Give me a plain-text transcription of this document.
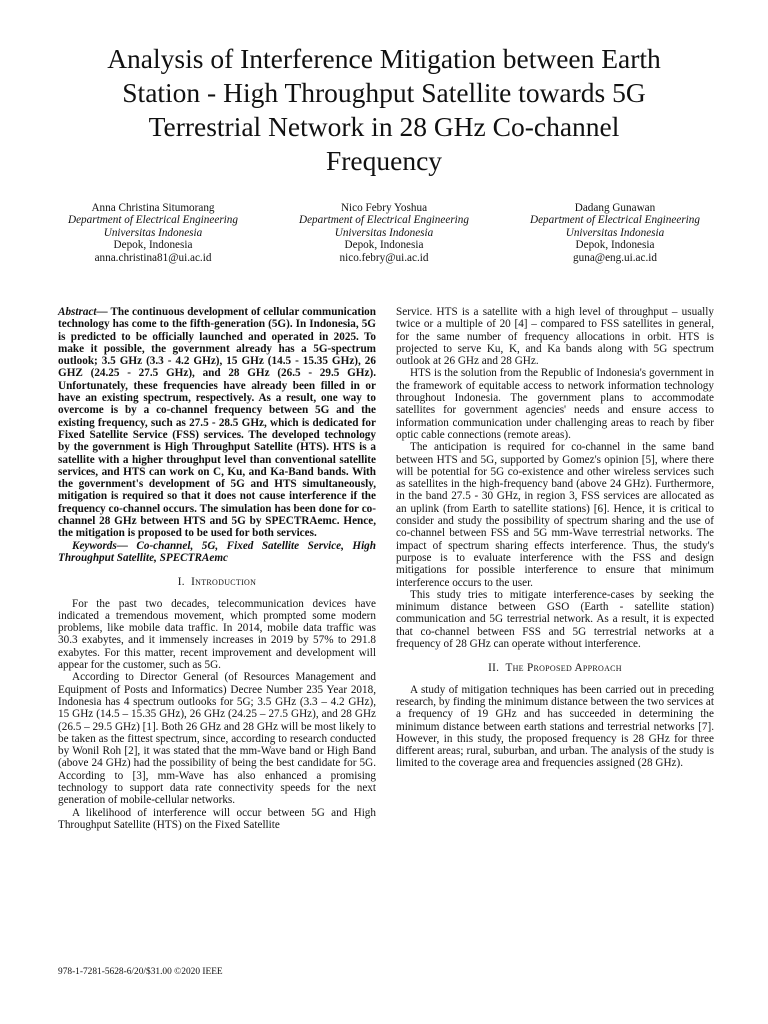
Analysis of Interference Mitigation between Earth
Station - High Throughput Satellite towards 5G
Terrestrial Network in 28 GHz Co-channel
Frequency
Anna Christina Situmorang
Department of Electrical Engineering
Universitas Indonesia
Depok, Indonesia
anna.christina81@ui.ac.id
Nico Febry Yoshua
Department of Electrical Engineering
Universitas Indonesia
Depok, Indonesia
nico.febry@ui.ac.id
Dadang Gunawan
Department of Electrical Engineering
Universitas Indonesia
Depok, Indonesia
guna@eng.ui.ac.id

Abstract— The continuous development of cellular communication technology has come to the fifth-generation (5G). In Indonesia, 5G is predicted to be officially launched and operated in 2025. To make it possible, the government already has a 5G-spectrum outlook; 3.5 GHz (3.3 - 4.2 GHz), 15 GHz (14.5 - 15.35 GHz), 26 GHZ (24.25 - 27.5 GHz), and 28 GHz (26.5 - 29.5 GHz). Unfortunately, these frequencies have already been filled in or have an existing spectrum, respectively. As a result, one way to overcome is by a co-channel frequency between 5G and the existing frequency, such as 27.5 - 28.5 GHz, which is dedicated for Fixed Satellite Service (FSS) services. The developed technology by the government is High Throughput Satellite (HTS). HTS is a satellite with a higher throughput level than conventional satellite services, and HTS can work on C, Ku, and Ka-Band bands. With the government's development of 5G and HTS simultaneously, mitigation is required so that it does not cause interference if the frequency co-channel occurs. The simulation has been done for co-channel 28 GHz between HTS and 5G by SPECTRAemc. Hence, the mitigation is proposed to be used for both services.

Keywords— Co-channel, 5G, Fixed Satellite Service, High Throughput Satellite, SPECTRAemc

I. Introduction

For the past two decades, telecommunication devices have indicated a tremendous movement, which prompted some modern problems, like mobile data traffic. In 2014, mobile data traffic was 30.3 exabytes, and it immensely increases in 2019 by 57% to 291.8 exabytes. For this matter, recent improvement and development will appear for the customer, such as 5G.

According to Director General (of Resources Management and Equipment of Posts and Informatics) Decree Number 235 Year 2018, Indonesia has 4 spectrum outlooks for 5G; 3.5 GHz (3.3 – 4.2 GHz), 15 GHz (14.5 – 15.35 GHz), 26 GHz (24.25 – 27.5 GHz), and 28 GHz (26.5 – 29.5 GHz) [1]. Both 26 GHz and 28 GHz will be most likely to be taken as the fittest spectrum, since, according to research conducted by Wonil Roh [2], it was stated that the mm-Wave band or High Band (above 24 GHz) had the possibility of being the best candidate for 5G. According to [3], mm-Wave has also enhanced a promising technology to support data rate connectivity speeds for the next generation of mobile-cellular networks.

A likelihood of interference will occur between 5G and High Throughput Satellite (HTS) on the Fixed Satellite

Service. HTS is a satellite with a high level of throughput – usually twice or a multiple of 20 [4] – compared to FSS satellites in general, for the same number of frequency allocations in orbit. HTS is projected to serve Ku, K, and Ka bands along with 5G spectrum outlook at 26 GHz and 28 GHz.

HTS is the solution from the Republic of Indonesia's government in the framework of equitable access to network information technology throughout Indonesia. The government plans to accommodate satellites for government agencies' needs and ensure access to information communication under challenging areas to reach by fiber optic cable connections (remote areas).

The anticipation is required for co-channel in the same band between HTS and 5G, supported by Gomez's opinion [5], where there will be potential for 5G co-existence and other wireless services such as satellites in the high-frequency band (above 24 GHz). Furthermore, in the band 27.5 - 30 GHz, in region 3, FSS services are allocated as an uplink (from Earth to satellite stations) [6]. Hence, it is critical to consider and study the possibility of spectrum sharing and the use of co-channel between FSS and 5G mm-Wave terrestrial networks. The impact of spectrum sharing effects interference. Thus, the study's purpose is to evaluate interference with the FSS and design mitigations for possible interference to ensure that minimum interference occurs to the user.

This study tries to mitigate interference-cases by seeking the minimum distance between GSO (Earth - satellite station) communication and 5G terrestrial network. As a result, it is expected that co-channel between FSS and 5G terrestrial networks at a frequency of 28 GHz can operate without interference.

II. The Proposed Approach

A study of mitigation techniques has been carried out in preceding research, by finding the minimum distance between the two services at a frequency of 19 GHz and has succeeded in determining the minimum distance between earth stations and terrestrial networks [7]. However, in this study, the proposed frequency is 28 GHz for three different areas; rural, suburban, and urban. The analysis of the study is limited to the coverage area and frequencies assigned (28 GHz).

978-1-7281-5628-6/20/$31.00 ©2020 IEEE
